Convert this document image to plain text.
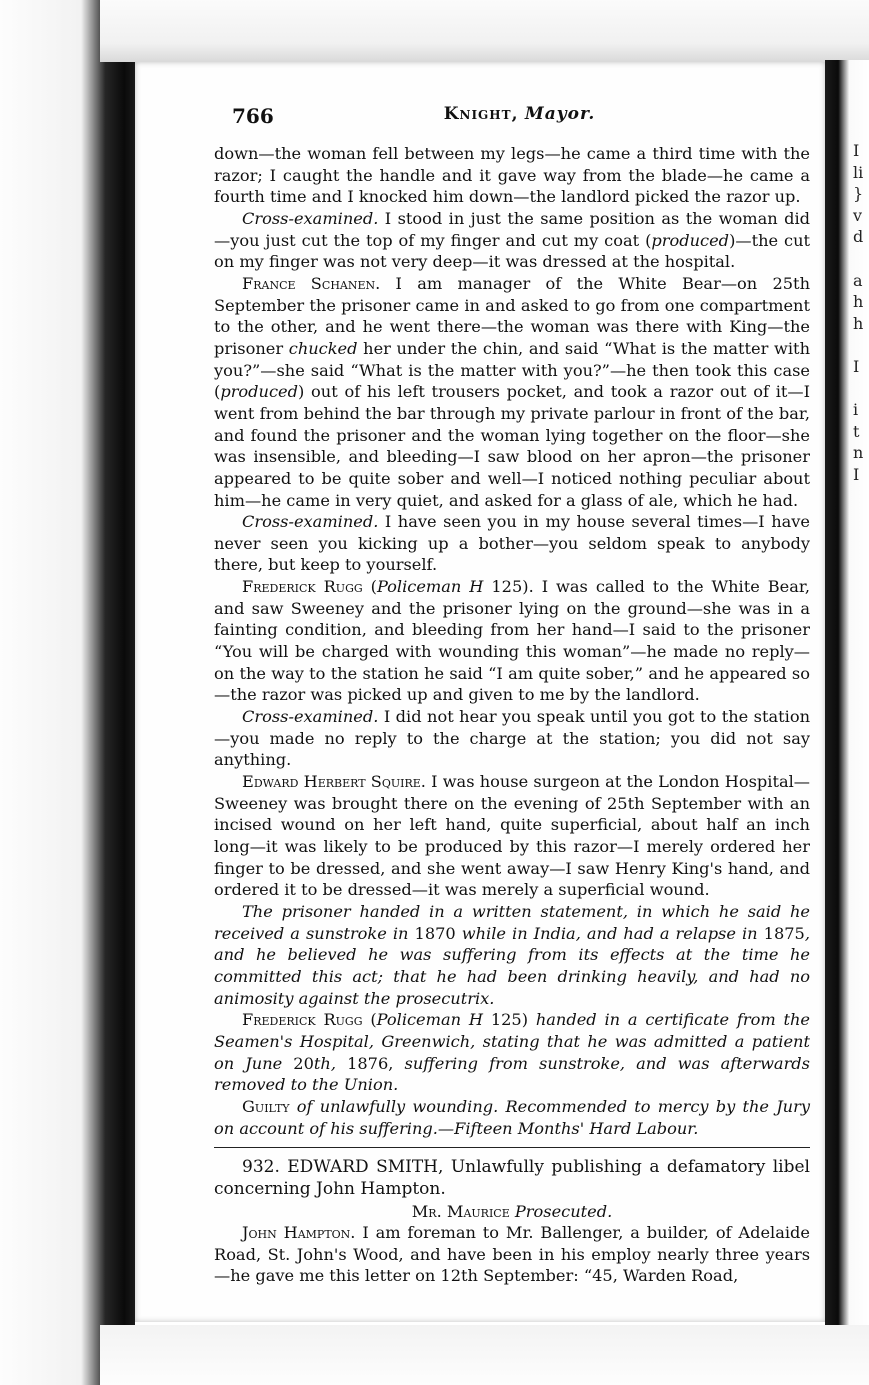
766	Knight, Mayor.

down—the woman fell between my legs—he came a third time with the razor; I caught the handle and it gave way from the blade—he came a fourth time and I knocked him down—the landlord picked the razor up.

Cross-examined. I stood in just the same position as the woman did—you just cut the top of my finger and cut my coat (produced)—the cut on my finger was not very deep—it was dressed at the hospital.

France Schanen. I am manager of the White Bear—on 25th September the prisoner came in and asked to go from one compartment to the other, and he went there—the woman was there with King—the prisoner chucked her under the chin, and said “What is the matter with you?”—she said “What is the matter with you?”—he then took this case (produced) out of his left trousers pocket, and took a razor out of it—I went from behind the bar through my private parlour in front of the bar, and found the prisoner and the woman lying together on the floor—she was insensible, and bleeding—I saw blood on her apron—the prisoner appeared to be quite sober and well—I noticed nothing peculiar about him—he came in very quiet, and asked for a glass of ale, which he had.

Cross-examined. I have seen you in my house several times—I have never seen you kicking up a bother—you seldom speak to anybody there, but keep to yourself.

Frederick Rugg (Policeman H 125). I was called to the White Bear, and saw Sweeney and the prisoner lying on the ground—she was in a fainting condition, and bleeding from her hand—I said to the prisoner “You will be charged with wounding this woman”—he made no reply—on the way to the station he said “I am quite sober,” and he appeared so—the razor was picked up and given to me by the landlord.

Cross-examined. I did not hear you speak until you got to the station—you made no reply to the charge at the station; you did not say anything.

Edward Herbert Squire. I was house surgeon at the London Hospital—Sweeney was brought there on the evening of 25th September with an incised wound on her left hand, quite superficial, about half an inch long—it was likely to be produced by this razor—I merely ordered her finger to be dressed, and she went away—I saw Henry King's hand, and ordered it to be dressed—it was merely a superficial wound.

The prisoner handed in a written statement, in which he said he received a sunstroke in 1870 while in India, and had a relapse in 1875, and he believed he was suffering from its effects at the time he committed this act; that he had been drinking heavily, and had no animosity against the prosecutrix.

Frederick Rugg (Policeman H 125) handed in a certificate from the Seamen's Hospital, Greenwich, stating that he was admitted a patient on June 20th, 1876, suffering from sunstroke, and was afterwards removed to the Union.

Guilty of unlawfully wounding. Recommended to mercy by the Jury on account of his suffering.—Fifteen Months' Hard Labour.

932. EDWARD SMITH, Unlawfully publishing a defamatory libel concerning John Hampton.

Mr. Maurice Prosecuted.

John Hampton. I am foreman to Mr. Ballenger, a builder, of Adelaide Road, St. John's Wood, and have been in his employ nearly three years—he gave me this letter on 12th September: “45, Warden Road,

I
li
}
v
d

a
h
h

I

i
t
n
I
